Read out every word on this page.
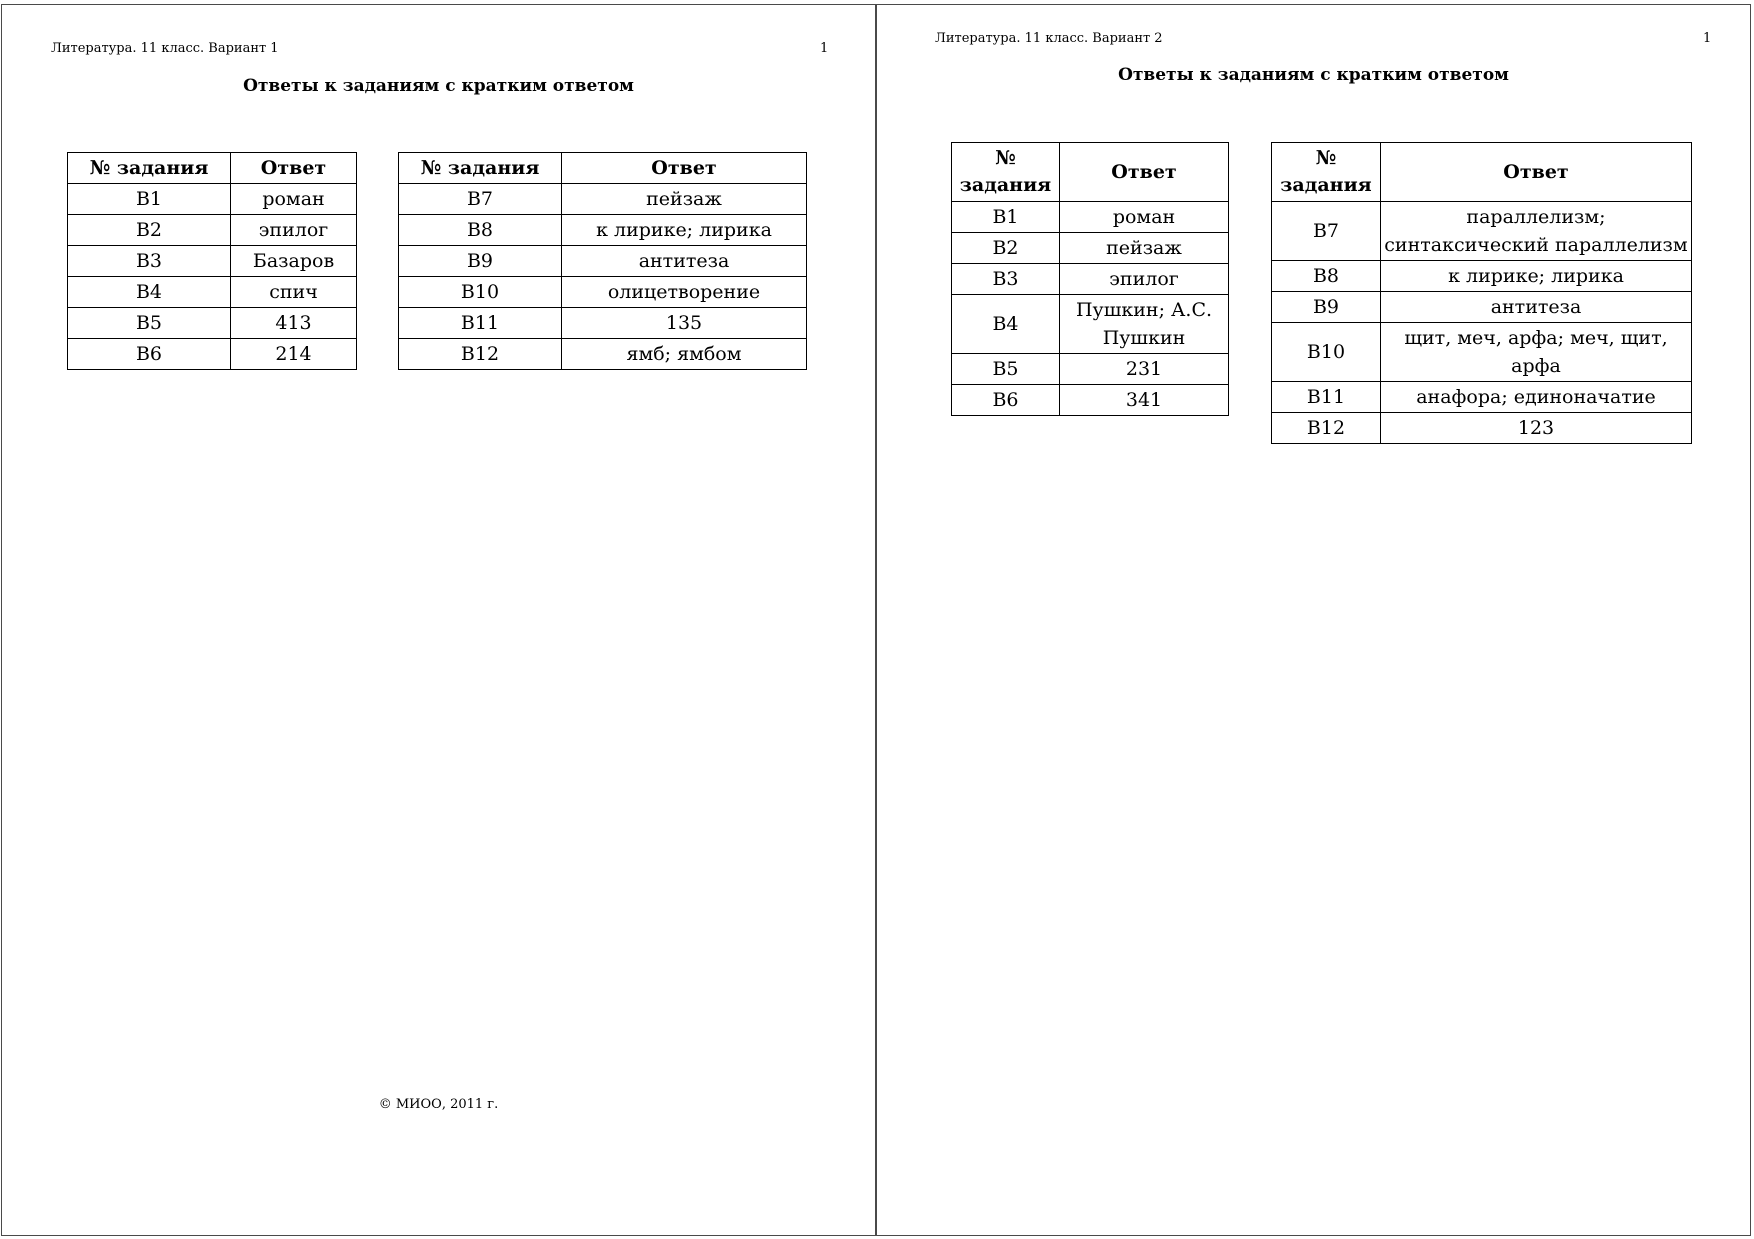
Литература. 11 класс. Вариант 1	1
Ответы к заданиям с кратким ответом
№ задания	Ответ
B1	роман
B2	эпилог
B3	Базаров
B4	спич
B5	413
B6	214
№ задания	Ответ
B7	пейзаж
B8	к лирике; лирика
B9	антитеза
B10	олицетворение
B11	135
B12	ямб; ямбом
© МИОО, 2011 г.
Литература. 11 класс. Вариант 2	1
Ответы к заданиям с кратким ответом
№ задания	Ответ
B1	роман
B2	пейзаж
B3	эпилог
B4	Пушкин; А.С. Пушкин
B5	231
B6	341
№ задания	Ответ
B7	параллелизм; синтаксический параллелизм
B8	к лирике; лирика
B9	антитеза
B10	щит, меч, арфа; меч, щит, арфа
B11	анафора; единоначатие
B12	123
